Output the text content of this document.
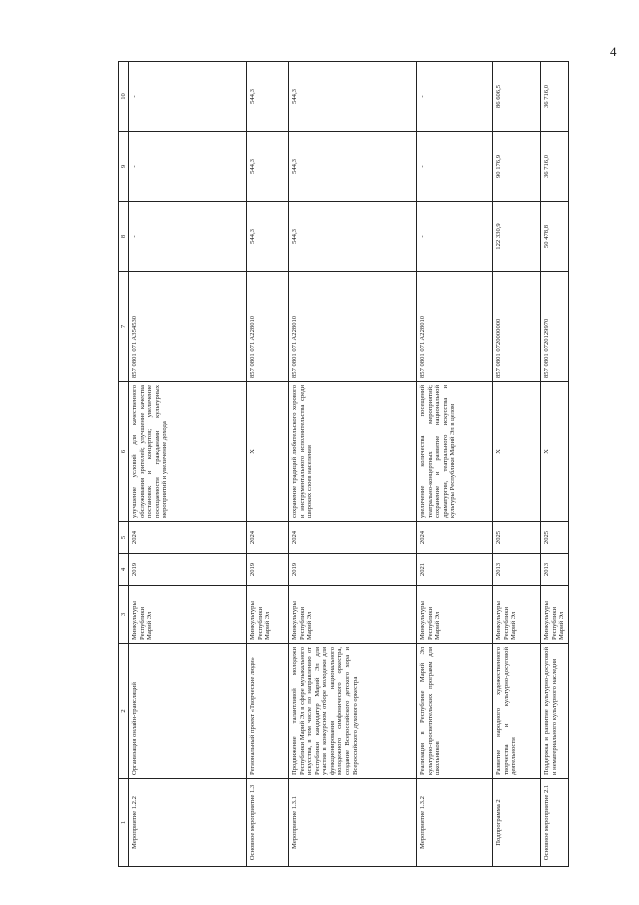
4
1	2	3	4	5	6	7	8	9	10
Мероприятие 1.2.2	Организация онлайн-трансляций	Минкультуры Республики Марий Эл	2019	2024	улучшение условий для качественного обслуживания зрителей; улучшение качества постановок и концертов; увеличение посещаемости гражданами культурных мероприятий и увеличение дохода	857 0801 071 A354530	-	-	-
Основное мероприятие 1.3	Региональный проект «Творческие люди»	Минкультуры Республики Марий Эл	2019	2024	X	857 0801 071 A228010	544,3	544,3	544,3
Мероприятие 1.3.1	Продвижение талантливой молодежи Республики Марий Эл в сфере музыкального искусства, в том числе по направлению от Республики кандидатур Марий Эл для участия в конкурсном отборе молодежи для функционирования национального молодежного симфонического оркестра, создание Всероссийского детского хора и Всероссийского духового оркестра	Минкультуры Республики Марий Эл	2019	2024	сохранение традиций любительского хорового и инструментального исполнительства среди широких слоев населения	857 0801 071 A228010	544,3	544,3	544,3
Мероприятие 1.3.2	Реализация в Республике Марий Эл культурно-просветительских программ для школьников	Минкультуры Республики Марий Эл	2021	2024	увеличение количества посещений театрально-концертных мероприятий; сохранение и развитие национальной драматургии, театрального искусства и культуры Республики Марий Эл в целом	857 0801 071 A228010	-	-	-
Подпрограмма 2	Развитие народного художественного творчества и культурно-досуговой деятельности	Минкультуры Республики Марий Эл	2013	2025	X	857 0801 0720000000	122 330,9	90 176,9	86 606,5
Основное мероприятие 2.1	Поддержка и развитие культурно-досуговой и нематериального культурного наследия	Минкультуры Республики Марий Эл	2013	2025	X	857 0801 0720129970	50 478,8	36 716,0	36 716,0
